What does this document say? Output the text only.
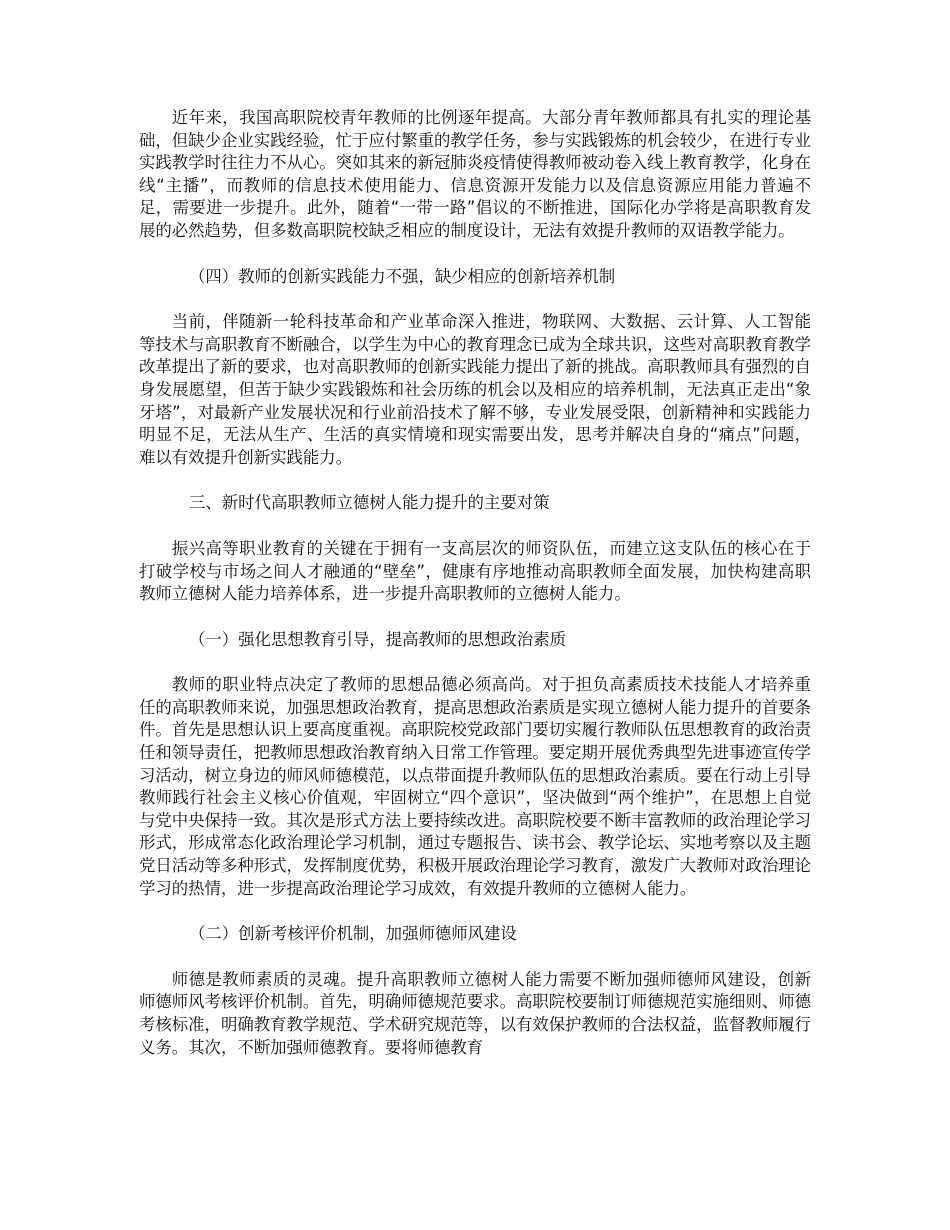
近年来，我国高职院校青年教师的比例逐年提高。大部分青年教师都具有扎实的理论基础，但缺少企业实践经验，忙于应付繁重的教学任务，参与实践锻炼的机会较少，在进行专业实践教学时往往力不从心。突如其来的新冠肺炎疫情使得教师被动卷入线上教育教学，化身在线“主播”，而教师的信息技术使用能力、信息资源开发能力以及信息资源应用能力普遍不足，需要进一步提升。此外，随着“一带一路”倡议的不断推进，国际化办学将是高职教育发展的必然趋势，但多数高职院校缺乏相应的制度设计，无法有效提升教师的双语教学能力。

（四）教师的创新实践能力不强，缺少相应的创新培养机制

当前，伴随新一轮科技革命和产业革命深入推进，物联网、大数据、云计算、人工智能等技术与高职教育不断融合，以学生为中心的教育理念已成为全球共识，这些对高职教育教学改革提出了新的要求，也对高职教师的创新实践能力提出了新的挑战。高职教师具有强烈的自身发展愿望，但苦于缺少实践锻炼和社会历练的机会以及相应的培养机制，无法真正走出“象牙塔”，对最新产业发展状况和行业前沿技术了解不够，专业发展受限，创新精神和实践能力明显不足，无法从生产、生活的真实情境和现实需要出发，思考并解决自身的“痛点”问题，难以有效提升创新实践能力。

三、新时代高职教师立德树人能力提升的主要对策

振兴高等职业教育的关键在于拥有一支高层次的师资队伍，而建立这支队伍的核心在于打破学校与市场之间人才融通的“壁垒”，健康有序地推动高职教师全面发展，加快构建高职教师立德树人能力培养体系，进一步提升高职教师的立德树人能力。

（一）强化思想教育引导，提高教师的思想政治素质

教师的职业特点决定了教师的思想品德必须高尚。对于担负高素质技术技能人才培养重任的高职教师来说，加强思想政治教育，提高思想政治素质是实现立德树人能力提升的首要条件。首先是思想认识上要高度重视。高职院校党政部门要切实履行教师队伍思想教育的政治责任和领导责任，把教师思想政治教育纳入日常工作管理。要定期开展优秀典型先进事迹宣传学习活动，树立身边的师风师德模范，以点带面提升教师队伍的思想政治素质。要在行动上引导教师践行社会主义核心价值观，牢固树立“四个意识”，坚决做到“两个维护”，在思想上自觉与党中央保持一致。其次是形式方法上要持续改进。高职院校要不断丰富教师的政治理论学习形式，形成常态化政治理论学习机制，通过专题报告、读书会、教学论坛、实地考察以及主题党日活动等多种形式，发挥制度优势，积极开展政治理论学习教育，激发广大教师对政治理论学习的热情，进一步提高政治理论学习成效，有效提升教师的立德树人能力。

（二）创新考核评价机制，加强师德师风建设

师德是教师素质的灵魂。提升高职教师立德树人能力需要不断加强师德师风建设，创新师德师风考核评价机制。首先，明确师德规范要求。高职院校要制订师德规范实施细则、师德考核标准，明确教育教学规范、学术研究规范等，以有效保护教师的合法权益，监督教师履行义务。其次，不断加强师德教育。要将师德教育
